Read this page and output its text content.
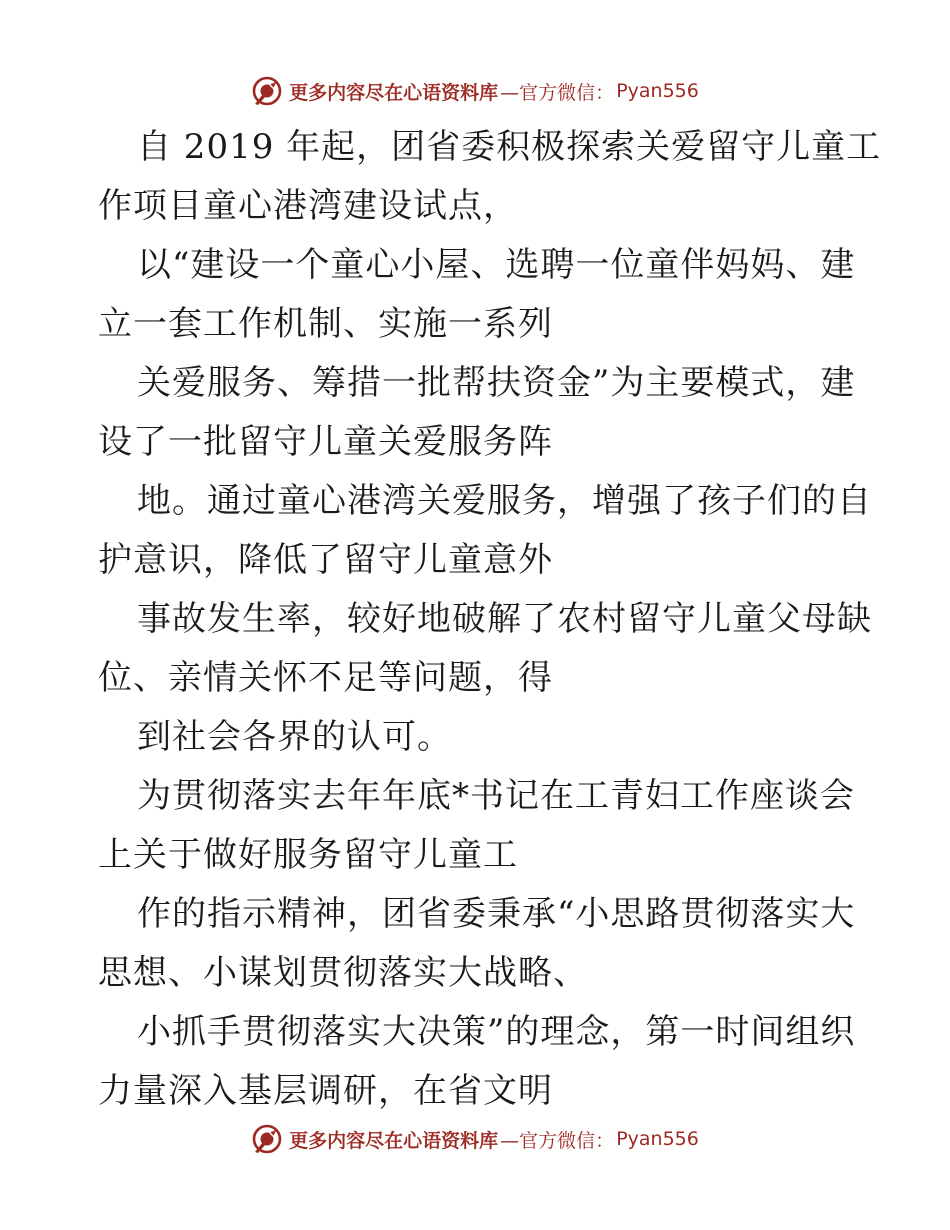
更多内容尽在心语资料库 —官方微信： Pyan556

自 2019 年起，团省委积极探索关爱留守儿童工
作项目童心港湾建设试点，

以“建设一个童心小屋、选聘一位童伴妈妈、建
立一套工作机制、实施一系列

关爱服务、筹措一批帮扶资金”为主要模式，建
设了一批留守儿童关爱服务阵

地。通过童心港湾关爱服务，增强了孩子们的自
护意识，降低了留守儿童意外

事故发生率，较好地破解了农村留守儿童父母缺
位、亲情关怀不足等问题，得

到社会各界的认可。

为贯彻落实去年年底*书记在工青妇工作座谈会
上关于做好服务留守儿童工

作的指示精神，团省委秉承“小思路贯彻落实大
思想、小谋划贯彻落实大战略、

小抓手贯彻落实大决策”的理念，第一时间组织
力量深入基层调研，在省文明

更多内容尽在心语资料库 —官方微信： Pyan556
